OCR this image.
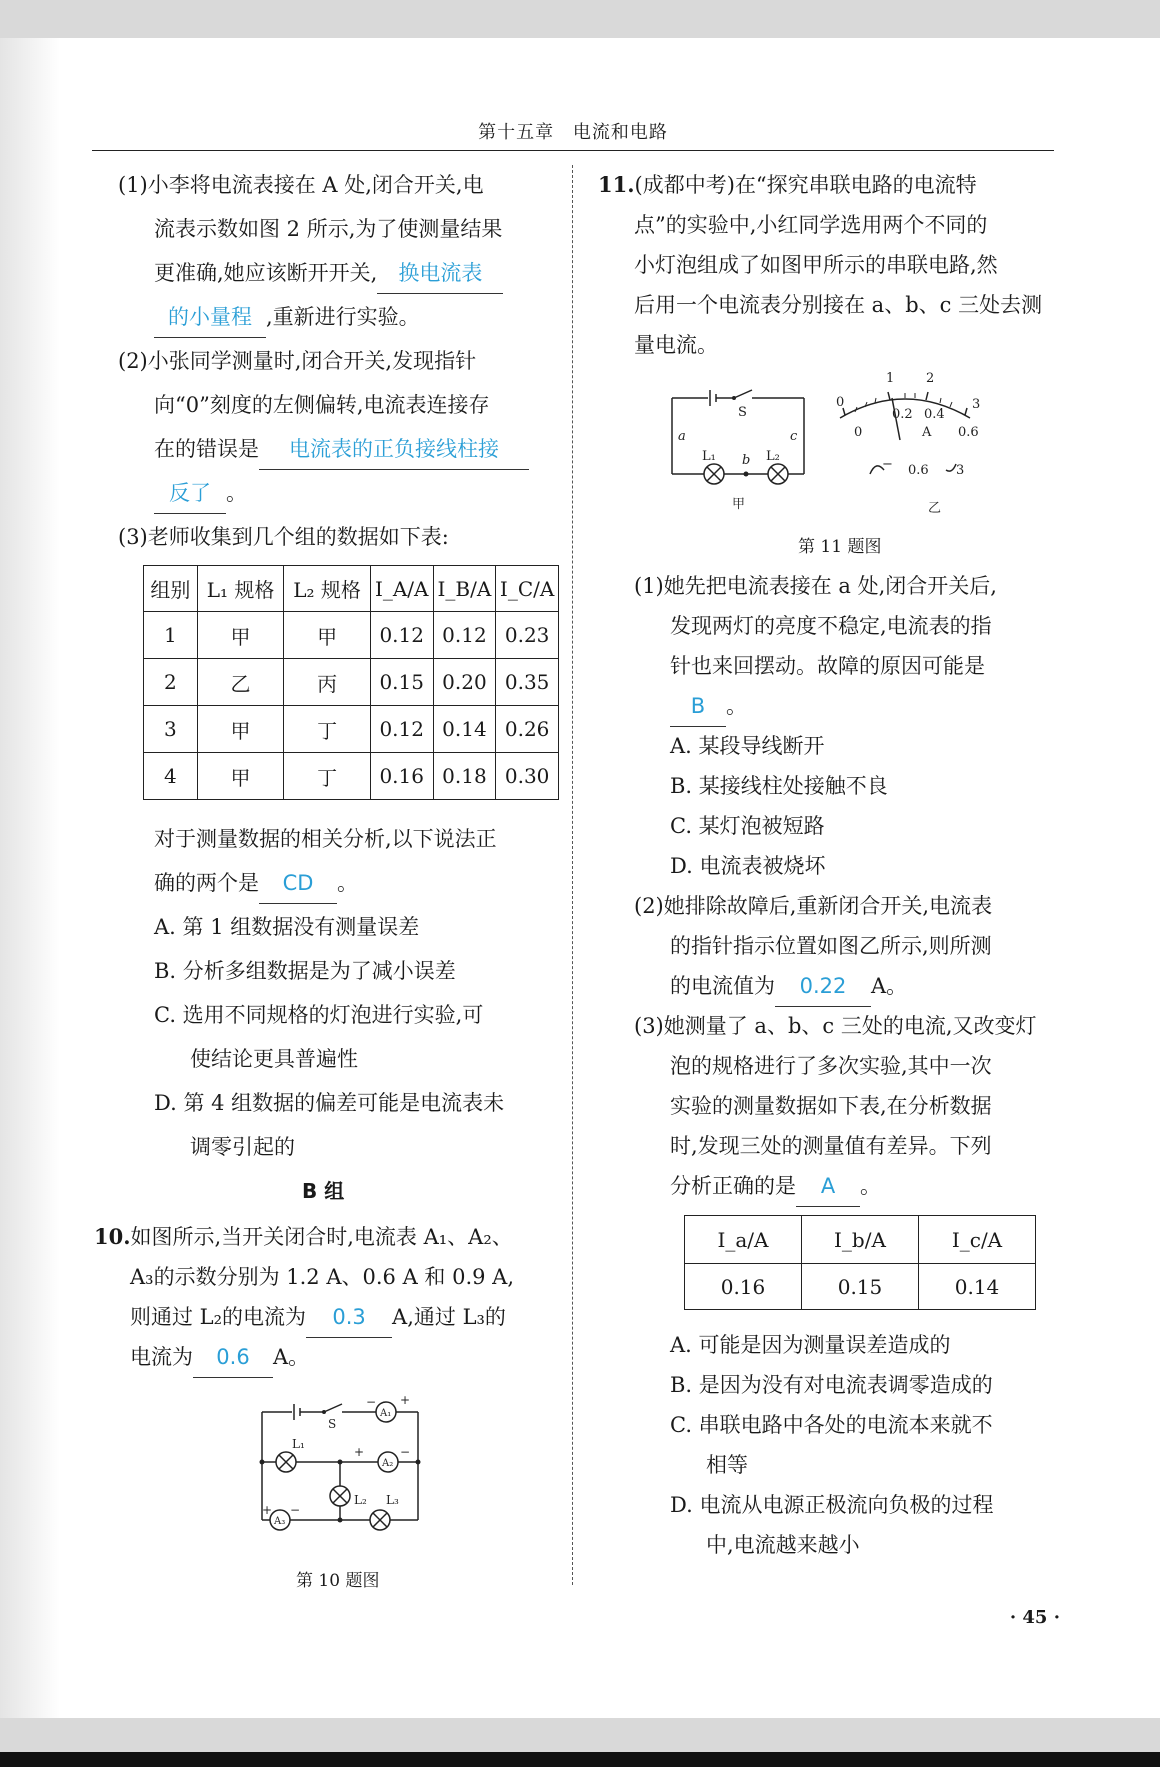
第十五章 电流和电路
(1)小李将电流表接在 A 处,闭合开关,电
流表示数如图 2 所示,为了使测量结果
更准确,她应该断开开关, 换电流表
的小量程 ,重新进行实验。
(2)小张同学测量时,闭合开关,发现指针
向“0”刻度的左侧偏转,电流表连接存
在的错误是 电流表的正负接线柱接
反了 。
(3)老师收集到几个组的数据如下表:
组别	L₁ 规格	L₂ 规格	I_A/A	I_B/A	I_C/A
1	甲	甲	0.12	0.12	0.23
2	乙	丙	0.15	0.20	0.35
3	甲	丁	0.12	0.14	0.26
4	甲	丁	0.16	0.18	0.30
对于测量数据的相关分析,以下说法正
确的两个是 CD 。
A. 第 1 组数据没有测量误差
B. 分析多组数据是为了减小误差
C. 选用不同规格的灯泡进行实验,可
使结论更具普遍性
D. 第 4 组数据的偏差可能是电流表未
调零引起的
10.如图所示,当开关闭合时,电流表 A₁、A₂、
A₃的示数分别为 1.2 A、0.6 A 和 0.9 A,
则通过 L₂的电流为 0.3 A,通过 L₃的
电流为 0.6 A。
B 组
S
A₁
A₂
A₃
L₁
L₂ L₃
+
−
+	−
+ −
第 10 题图
11.(成都中考)在“探究串联电路的电流特
点”的实验中,小红同学选用两个不同的
小灯泡组成了如图甲所示的串联电路,然
后用一个电流表分别接在 a、b、c 三处去测
量电流。
S
a
b
c
L₁	L₂
甲
0
1 2
3
0
0.2 0.4
0.6
A
− 0.6 3
乙
第 11 题图
(1)她先把电流表接在 a 处,闭合开关后,
发现两灯的亮度不稳定,电流表的指
针也来回摆动。故障的原因可能是
B 。
A. 某段导线断开
B. 某接线柱处接触不良
C. 某灯泡被短路
D. 电流表被烧坏
(2)她排除故障后,重新闭合开关,电流表
的指针指示位置如图乙所示,则所测
的电流值为 0.22 A。
(3)她测量了 a、b、c 三处的电流,又改变灯
泡的规格进行了多次实验,其中一次
实验的测量数据如下表,在分析数据
时,发现三处的测量值有差异。下列
分析正确的是 A 。
I_a/A	I_b/A	I_c/A
0.16	0.15	0.14
A. 可能是因为测量误差造成的
B. 是因为没有对电流表调零造成的
C. 串联电路中各处的电流本来就不
相等
D. 电流从电源正极流向负极的过程
中,电流越来越小
· 45 ·
